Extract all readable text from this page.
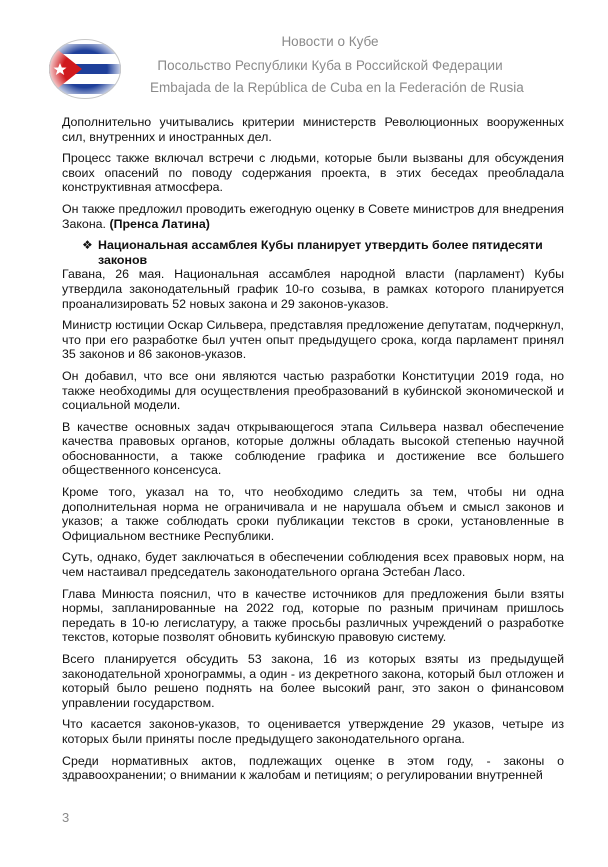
Новости о Кубе
Посольство Республики Куба в Российской Федерации
Embajada de la República de Cuba en la Federación de Rusia

Дополнительно учитывались критерии министерств Революционных вооруженных сил, внутренних и иностранных дел.

Процесс также включал встречи с людьми, которые были вызваны для обсуждения своих опасений по поводу содержания проекта, в этих беседах преобладала конструктивная атмосфера.

Он также предложил проводить ежегодную оценку в Совете министров для внедрения Закона. (Пренса Латина)

❖ Национальная ассамблея Кубы планирует утвердить более пятидесяти законов

Гавана, 26 мая. Национальная ассамблея народной власти (парламент) Кубы утвердила законодательный график 10-го созыва, в рамках которого планируется проанализировать 52 новых закона и 29 законов-указов.

Министр юстиции Оскар Сильвера, представляя предложение депутатам, подчеркнул, что при его разработке был учтен опыт предыдущего срока, когда парламент принял 35 законов и 86 законов-указов.

Он добавил, что все они являются частью разработки Конституции 2019 года, но также необходимы для осуществления преобразований в кубинской экономической и социальной модели.

В качестве основных задач открывающегося этапа Сильвера назвал обеспечение качества правовых органов, которые должны обладать высокой степенью научной обоснованности, а также соблюдение графика и достижение все большего общественного консенсуса.

Кроме того, указал на то, что необходимо следить за тем, чтобы ни одна дополнительная норма не ограничивала и не нарушала объем и смысл законов и указов; а также соблюдать сроки публикации текстов в сроки, установленные в Официальном вестнике Республики.

Суть, однако, будет заключаться в обеспечении соблюдения всех правовых норм, на чем настаивал председатель законодательного органа Эстебан Ласо.

Глава Минюста пояснил, что в качестве источников для предложения были взяты нормы, запланированные на 2022 год, которые по разным причинам пришлось передать в 10-ю легислатуру, а также просьбы различных учреждений о разработке текстов, которые позволят обновить кубинскую правовую систему.

Всего планируется обсудить 53 закона, 16 из которых взяты из предыдущей законодательной хронограммы, а один - из декретного закона, который был отложен и который было решено поднять на более высокий ранг, это закон о финансовом управлении государством.

Что касается законов-указов, то оценивается утверждение 29 указов, четыре из которых были приняты после предыдущего законодательного органа.

Среди нормативных актов, подлежащих оценке в этом году, - законы о здравоохранении; о внимании к жалобам и петициям; о регулировании внутренней

3
